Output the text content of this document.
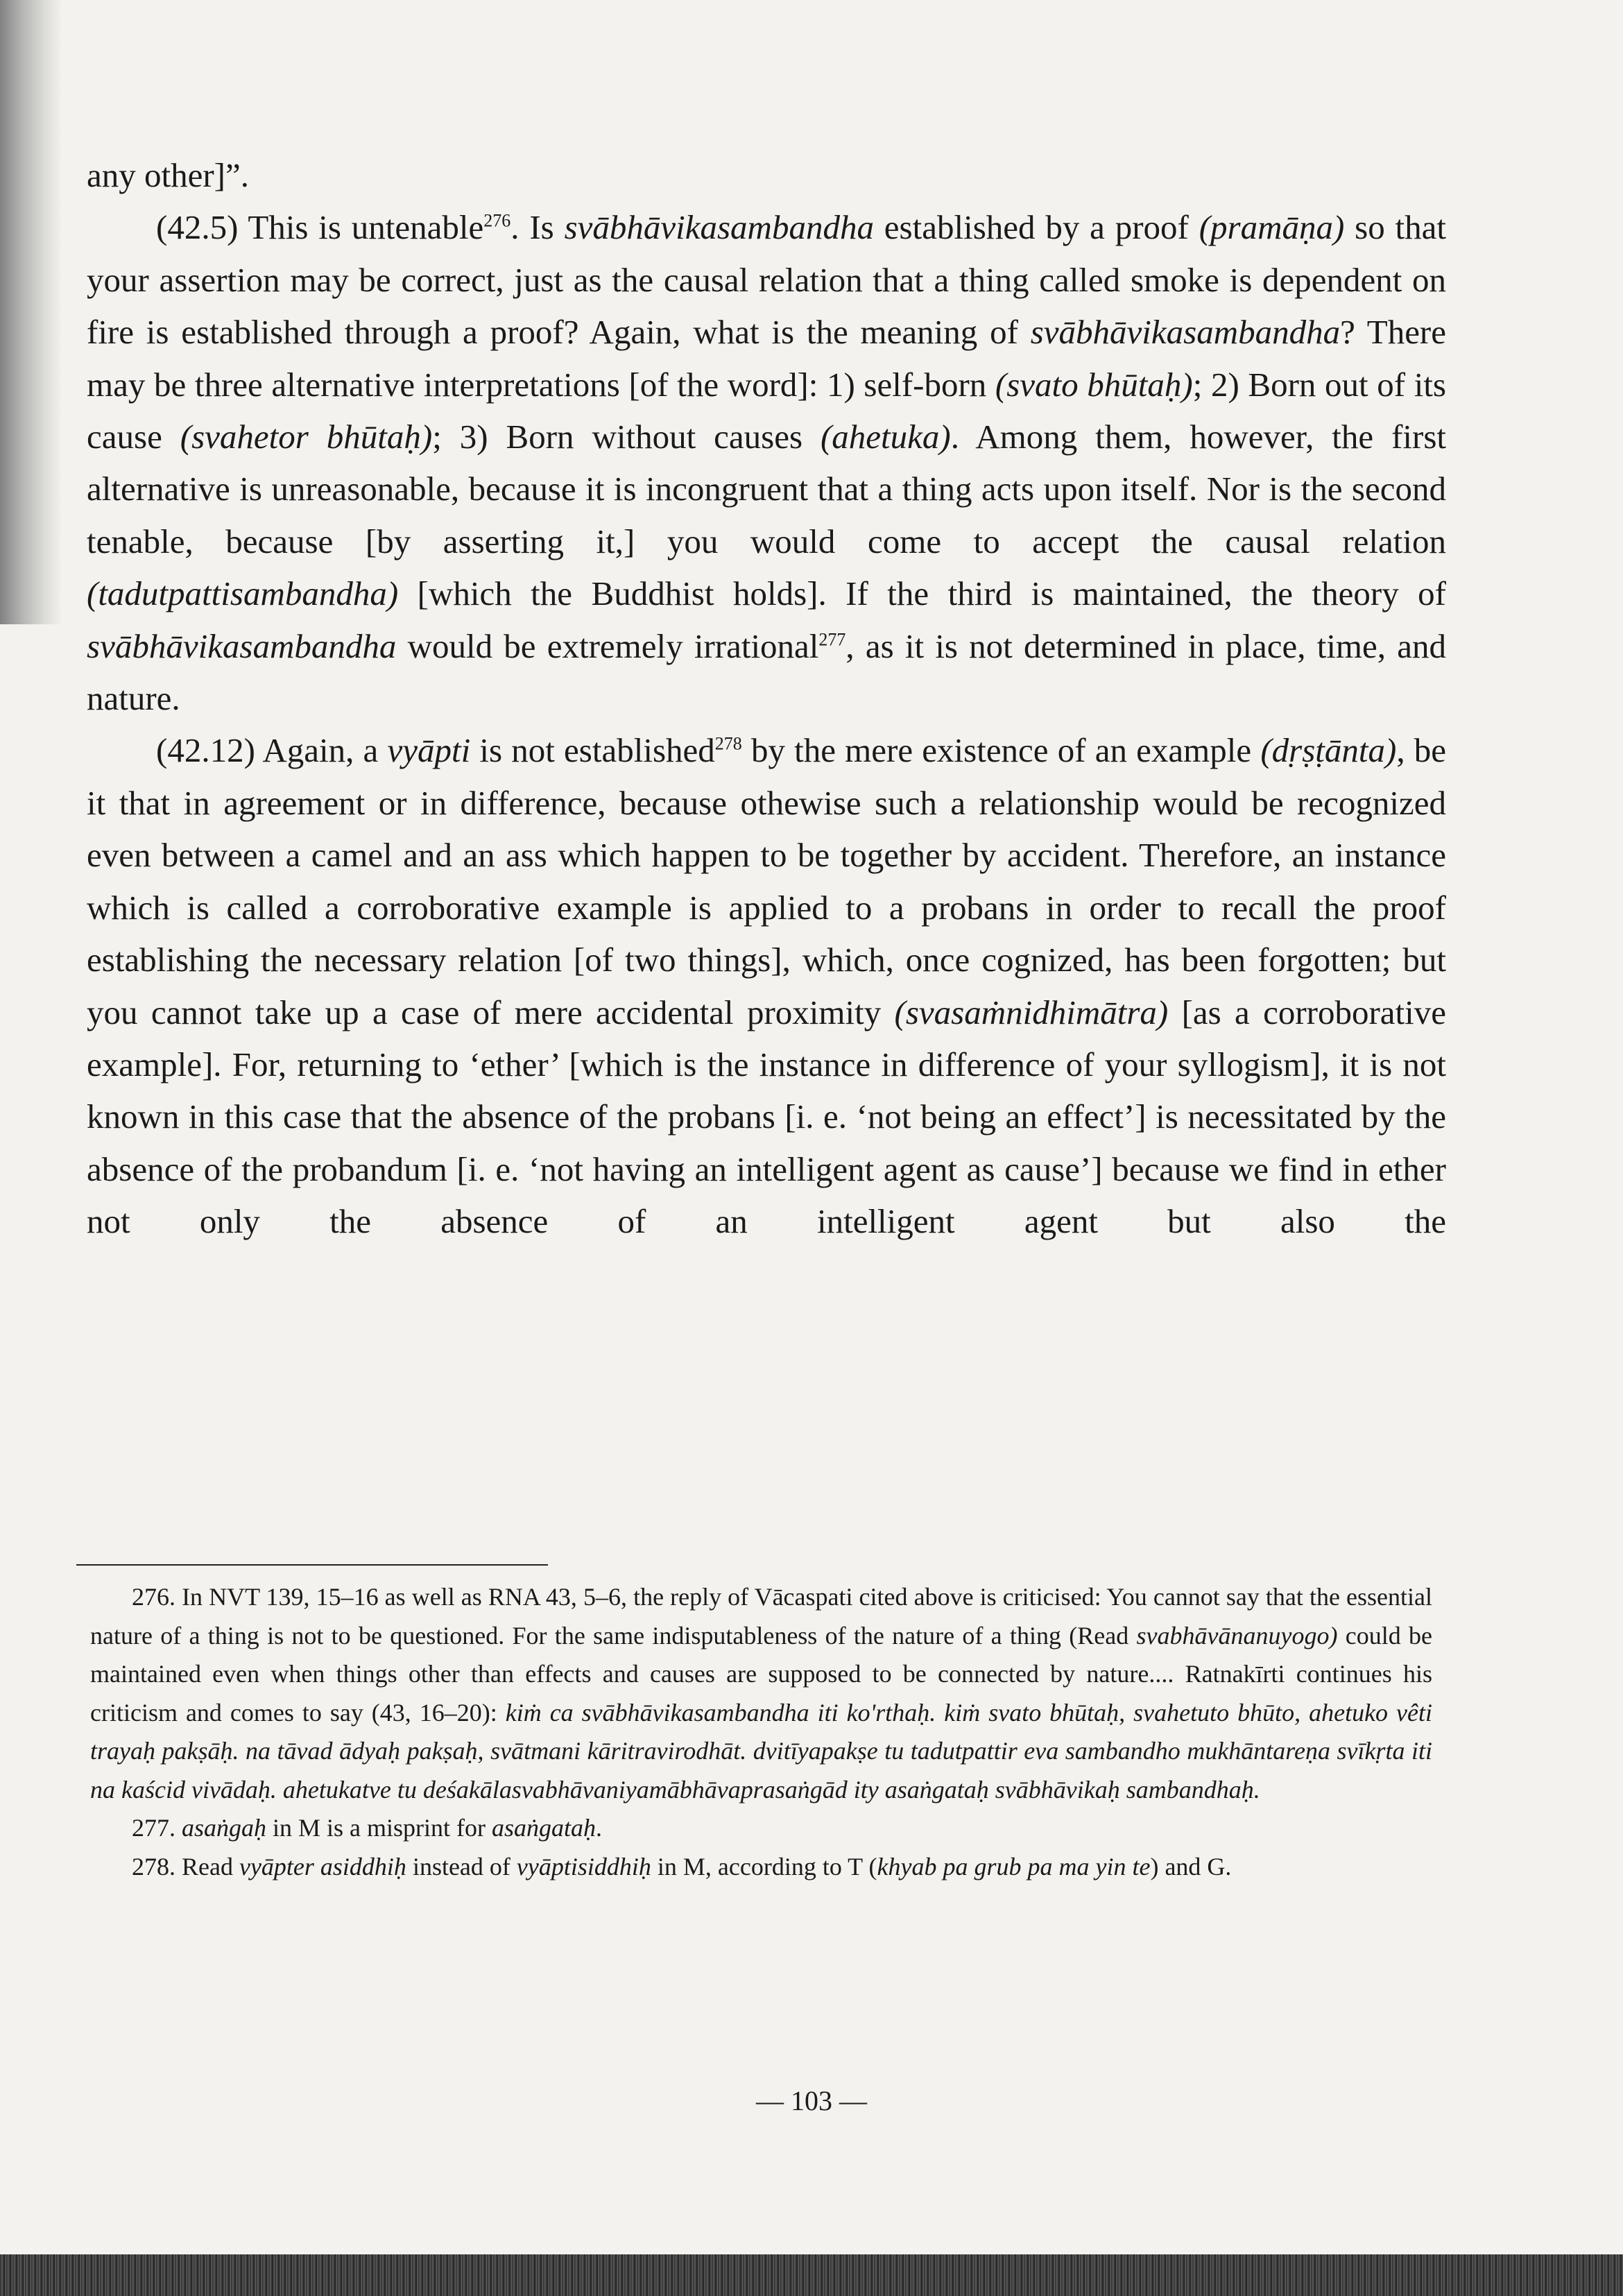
any other]”.

(42.5) This is untenable$^{276}$. Is svābhāvikasambandha established by a proof (pramāṇa) so that your assertion may be correct, just as the causal relation that a thing called smoke is dependent on fire is established through a proof? Again, what is the meaning of svābhāvikasambandha? There may be three alternative interpretations [of the word]: 1) self-born (svato bhūtaḥ); 2) Born out of its cause (svahetor bhūtaḥ); 3) Born without causes (ahetuka). Among them, however, the first alternative is unreasonable, because it is incongruent that a thing acts upon itself. Nor is the second tenable, because [by asserting it,] you would come to accept the causal relation (tadutpattisambandha) [which the Buddhist holds]. If the third is maintained, the theory of svābhāvikasambandha would be extremely irrational$^{277}$, as it is not determined in place, time, and nature.

(42.12) Again, a vyāpti is not established$^{278}$ by the mere existence of an example (dṛṣṭānta), be it that in agreement or in difference, because othewise such a relationship would be recognized even between a camel and an ass which happen to be together by accident. Therefore, an instance which is called a corroborative example is applied to a probans in order to recall the proof establishing the necessary relation [of two things], which, once cognized, has been forgotten; but you cannot take up a case of mere accidental proximity (svasaṁnidhimātra) [as a corroborative example]. For, returning to ‘ether’ [which is the instance in difference of your syllogism], it is not known in this case that the absence of the probans [i. e. ‘not being an effect’] is necessitated by the absence of the probandum [i. e. ‘not having an intelligent agent as cause’] because we find in ether not only the absence of an intelligent agent but also the

276. In NVT 139, 15–16 as well as RNA 43, 5–6, the reply of Vācaspati cited above is criticised: You cannot say that the essential nature of a thing is not to be questioned. For the same indisputableness of the nature of a thing (Read svabhāvānanuyogo) could be maintained even when things other than effects and causes are supposed to be connected by nature.... Ratnakīrti continues his criticism and comes to say (43, 16–20): kiṁ ca svābhāvikasambandha iti ko'rthaḥ. kiṁ svato bhūtaḥ, svahetuto bhūto, ahetuko vêti trayaḥ pakṣāḥ. na tāvad ādyaḥ pakṣaḥ, svātmani kāritravirodhāt. dvitīyapakṣe tu tadutpattir eva sambandho mukhāntareṇa svīkṛta iti na kaścid vivādaḥ. ahetukatve tu deśakālasvabhāvaniyamābhāvaprasaṅgād ity asaṅgataḥ svābhāvikaḥ sambandhaḥ.

277. asaṅgaḥ in M is a misprint for asaṅgataḥ.

278. Read vyāpter asiddhiḥ instead of vyāptisiddhiḥ in M, according to T (khyab pa grub pa ma yin te) and G.

— 103 —
